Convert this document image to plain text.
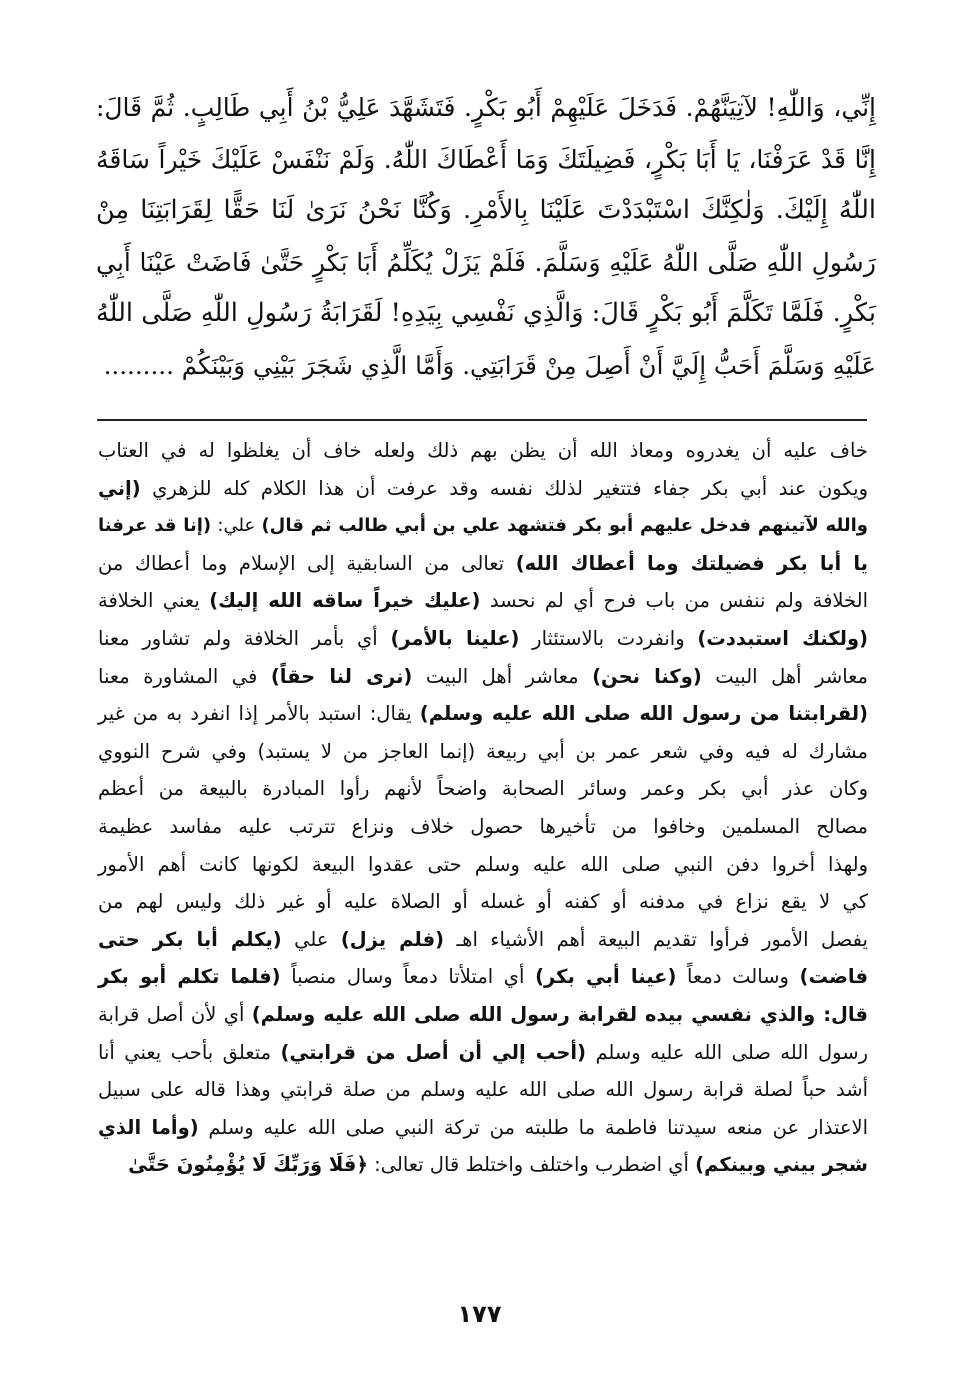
إِنِّي، وَاللّٰهِ! لآتِيَنَّهُمْ. فَدَخَلَ عَلَيْهِمْ أَبُو بَكْرٍ. فَتَشَهَّدَ عَلِيُّ بْنُ أَبِي طَالِبٍ. ثُمَّ قَالَ:

إِنَّا قَدْ عَرَفْنَا، يَا أَبَا بَكْرٍ، فَضِيلَتَكَ وَمَا أَعْطَاكَ اللّٰهُ. وَلَمْ نَنْفَسْ عَلَيْكَ خَيْراً سَاقَهُ

اللّٰهُ إِلَيْكَ. وَلٰكِنَّكَ اسْتَبْدَدْتَ عَلَيْنَا بِالأَمْرِ. وَكُنَّا نَحْنُ نَرَىٰ لَنَا حَقًّا لِقَرَابَتِنَا مِنْ

رَسُولِ اللّٰهِ صَلَّى اللّٰهُ عَلَيْهِ وَسَلَّمَ. فَلَمْ يَزَلْ يُكَلِّمُ أَبَا بَكْرٍ حَتَّىٰ فَاضَتْ عَيْنَا أَبِي

بَكْرٍ. فَلَمَّا تَكَلَّمَ أَبُو بَكْرٍ قَالَ: وَالَّذِي نَفْسِي بِيَدِهِ! لَقَرَابَةُ رَسُولِ اللّٰهِ صَلَّى اللّٰهُ

عَلَيْهِ وَسَلَّمَ أَحَبُّ إِلَيَّ أَنْ أَصِلَ مِنْ قَرَابَتِي. وَأَمَّا الَّذِي شَجَرَ بَيْنِي وَبَيْنَكُمْ .........

خاف عليه أن يغدروه ومعاذ الله أن يظن بهم ذلك ولعله خاف أن يغلظوا له في العتاب

ويكون عند أبي بكر جفاء فتتغير لذلك نفسه وقد عرفت أن هذا الكلام كله للزهري (إني

والله لآتينهم فدخل عليهم أبو بكر فتشهد علي بن أبي طالب ثم قال) علي: (إنا قد عرفنا

يا أبا بكر فضيلتك وما أعطاك الله) تعالى من السابقية إلى الإسلام وما أعطاك من

الخلافة ولم ننفس من باب فرح أي لم نحسد (عليك خيراً ساقه الله إليك) يعني الخلافة

(ولكنك استبددت) وانفردت بالاستئثار (علينا بالأمر) أي بأمر الخلافة ولم تشاور معنا

معاشر أهل البيت (وكنا نحن) معاشر أهل البيت (نرى لنا حقاً) في المشاورة معنا

(لقرابتنا من رسول الله صلى الله عليه وسلم) يقال: استبد بالأمر إذا انفرد به من غير

مشارك له فيه وفي شعر عمر بن أبي ربيعة (إنما العاجز من لا يستبد) وفي شرح النووي

وكان عذر أبي بكر وعمر وسائر الصحابة واضحاً لأنهم رأوا المبادرة بالبيعة من أعظم

مصالح المسلمين وخافوا من تأخيرها حصول خلاف ونزاع تترتب عليه مفاسد عظيمة

ولهذا أخروا دفن النبي صلى الله عليه وسلم حتى عقدوا البيعة لكونها كانت أهم الأمور

كي لا يقع نزاع في مدفنه أو كفنه أو غسله أو الصلاة عليه أو غير ذلك وليس لهم من

يفصل الأمور فرأوا تقديم البيعة أهم الأشياء اهـ (فلم يزل) علي (يكلم أبا بكر حتى

فاضت) وسالت دمعاً (عينا أبي بكر) أي امتلأتا دمعاً وسال منصباً (فلما تكلم أبو بكر

قال: والذي نفسي بيده لقرابة رسول الله صلى الله عليه وسلم) أي لأن أصل قرابة

رسول الله صلى الله عليه وسلم (أحب إلي أن أصل من قرابتي) متعلق بأحب يعني أنا

أشد حباً لصلة قرابة رسول الله صلى الله عليه وسلم من صلة قرابتي وهذا قاله على سبيل

الاعتذار عن منعه سيدتنا فاطمة ما طلبته من تركة النبي صلى الله عليه وسلم (وأما الذي

شجر بيني وبينكم) أي اضطرب واختلف واختلط قال تعالى: ﴿فَلَا وَرَبِّكَ لَا يُؤْمِنُونَ حَتَّىٰ

١٧٧
